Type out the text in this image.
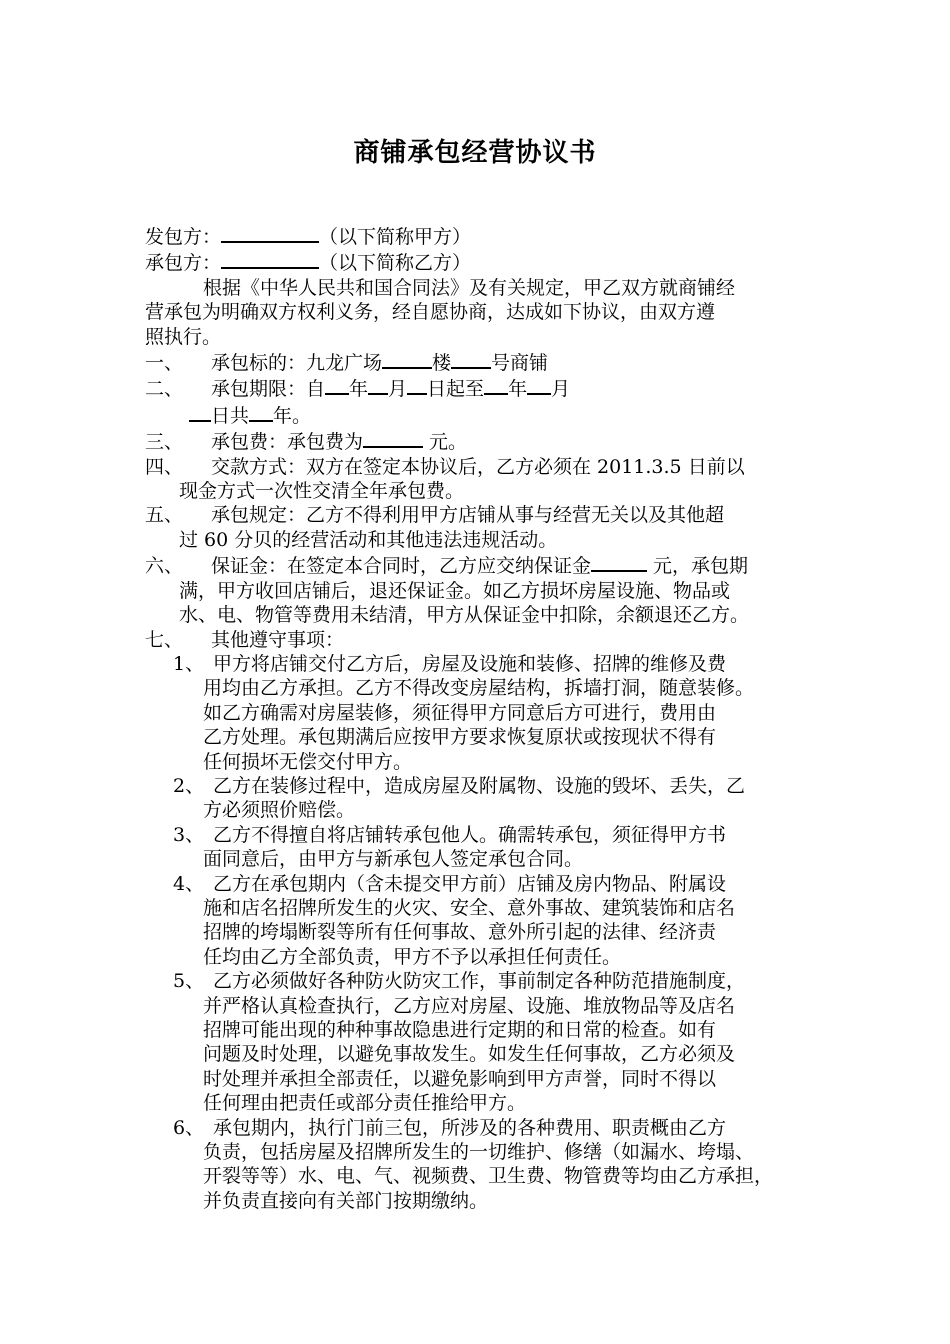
商铺承包经营协议书
发包方：	（以下简称甲方）
承包方：	（以下简称乙方）
根据《中华人民共和国合同法》及有关规定，甲乙双方就商铺经
营承包为明确双方权利义务，经自愿协商，达成如下协议，由双方遵
照执行。
一、 承包标的：九龙广场	楼 号商铺
二、 承包期限：自 年 月 日起至 年 月
日共 年。
三、 承包费：承包费为	元。
四、 交款方式：双方在签定本协议后，乙方必须在 2011.3.5 日前以
现金方式一次性交清全年承包费。
五、 承包规定：乙方不得利用甲方店铺从事与经营无关以及其他超
过 60 分贝的经营活动和其他违法违规活动。
六、 保证金：在签定本合同时，乙方应交纳保证金	元，承包期
满，甲方收回店铺后，退还保证金。如乙方损坏房屋设施、物品或
水、电、物管等费用未结清，甲方从保证金中扣除，余额退还乙方。
七、 其他遵守事项：
1、 甲方将店铺交付乙方后，房屋及设施和装修、招牌的维修及费
用均由乙方承担。乙方不得改变房屋结构，拆墙打洞，随意装修。
如乙方确需对房屋装修，须征得甲方同意后方可进行，费用由
乙方处理。承包期满后应按甲方要求恢复原状或按现状不得有
任何损坏无偿交付甲方。
2、 乙方在装修过程中，造成房屋及附属物、设施的毁坏、丢失，乙
方必须照价赔偿。
3、 乙方不得擅自将店铺转承包他人。确需转承包，须征得甲方书
面同意后，由甲方与新承包人签定承包合同。
4、 乙方在承包期内（含未提交甲方前）店铺及房内物品、附属设
施和店名招牌所发生的火灾、安全、意外事故、建筑装饰和店名
招牌的垮塌断裂等所有任何事故、意外所引起的法律、经济责
任均由乙方全部负责，甲方不予以承担任何责任。
5、 乙方必须做好各种防火防灾工作，事前制定各种防范措施制度，
并严格认真检查执行，乙方应对房屋、设施、堆放物品等及店名
招牌可能出现的种种事故隐患进行定期的和日常的检查。如有
问题及时处理，以避免事故发生。如发生任何事故，乙方必须及
时处理并承担全部责任，以避免影响到甲方声誉，同时不得以
任何理由把责任或部分责任推给甲方。
6、 承包期内，执行门前三包，所涉及的各种费用、职责概由乙方
负责，包括房屋及招牌所发生的一切维护、修缮（如漏水、垮塌、
开裂等等）水、电、气、视频费、卫生费、物管费等均由乙方承担，
并负责直接向有关部门按期缴纳。
